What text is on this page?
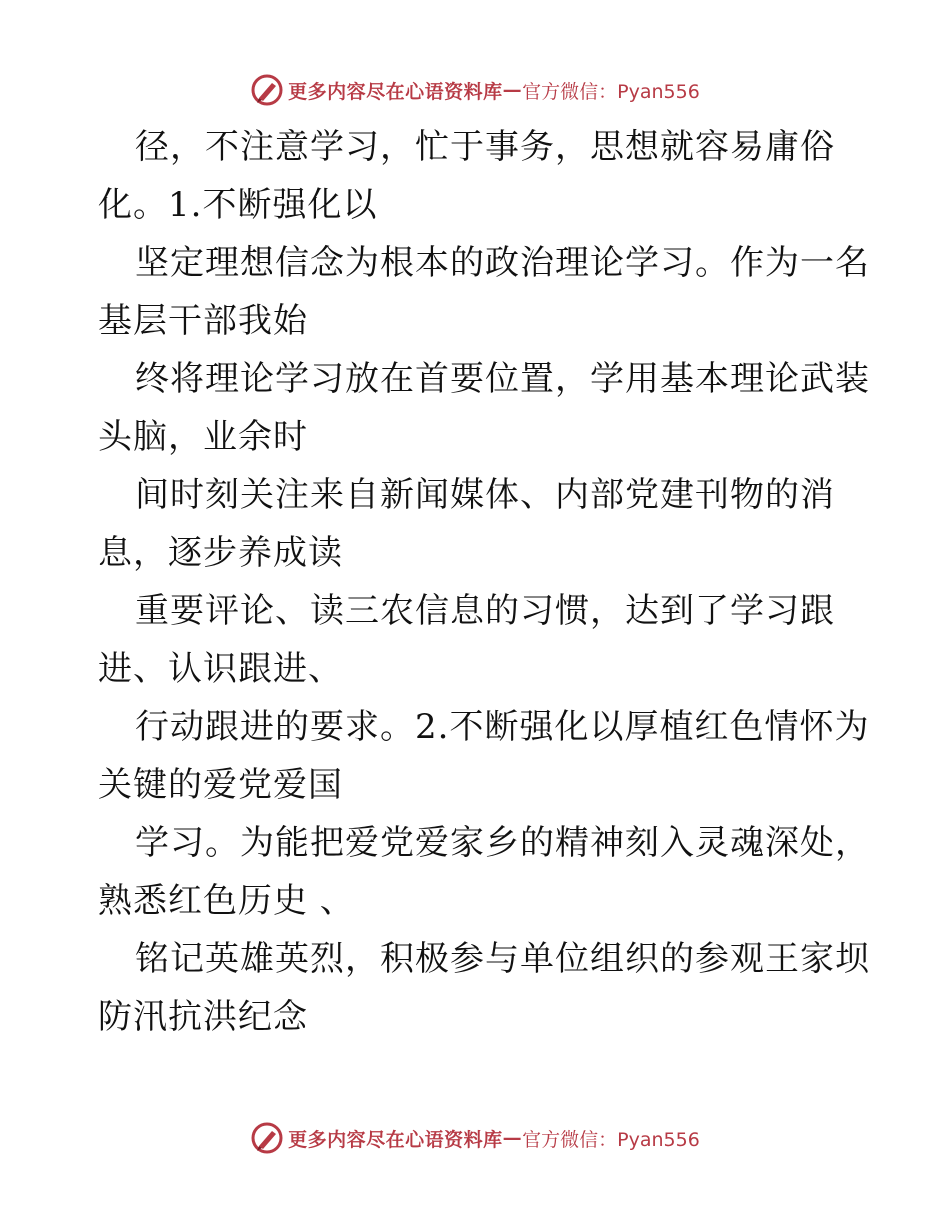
更多内容尽在心语资料库 — 官方微信：Pyan556
径，不注意学习，忙于事务，思想就容易庸俗
化。1.不断强化以
坚定理想信念为根本的政治理论学习。作为一名
基层干部我始
终将理论学习放在首要位置，学用基本理论武装
头脑，业余时
间时刻关注来自新闻媒体、内部党建刊物的消
息，逐步养成读
重要评论、读三农信息的习惯，达到了学习跟
进、认识跟进、
行动跟进的要求。2.不断强化以厚植红色情怀为
关键的爱党爱国
学习。为能把爱党爱家乡的精神刻入灵魂深处，
熟悉红色历史 、
铭记英雄英烈，积极参与单位组织的参观王家坝
防汛抗洪纪念
更多内容尽在心语资料库 — 官方微信：Pyan556
